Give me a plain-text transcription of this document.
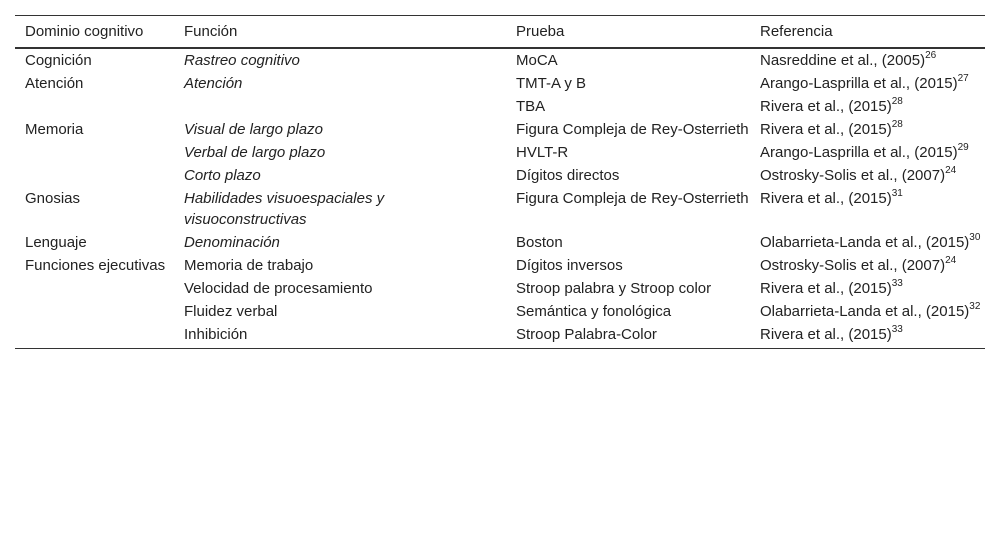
Dominio cognitivo	Función	Prueba	Referencia
Cognición	Rastreo cognitivo	MoCA	Nasreddine et al., $(2005)^{26}$
Atención	Atención	TMT-A y B	Arango-Lasprilla et al., $(2015)^{27}$
		TBA	Rivera et al., $(2015)^{28}$
Memoria	Visual de largo plazo	Figura Compleja de Rey-Osterrieth	Rivera et al., $(2015)^{28}$
	Verbal de largo plazo	HVLT-R	Arango-Lasprilla et al., $(2015)^{29}$
	Corto plazo	Dígitos directos	Ostrosky-Solis et al., $(2007)^{24}$
Gnosias	Habilidades visuoespaciales y visuoconstructivas	Figura Compleja de Rey-Osterrieth	Rivera et al., $(2015)^{31}$
Lenguaje	Denominación	Boston	Olabarrieta-Landa et al., $(2015)^{30}$
Funciones ejecutivas	Memoria de trabajo	Dígitos inversos	Ostrosky-Solis et al., $(2007)^{24}$
	Velocidad de procesamiento	Stroop palabra y Stroop color	Rivera et al., $(2015)^{33}$
	Fluidez verbal	Semántica y fonológica	Olabarrieta-Landa et al., $(2015)^{32}$
	Inhibición	Stroop Palabra-Color	Rivera et al., $(2015)^{33}$
